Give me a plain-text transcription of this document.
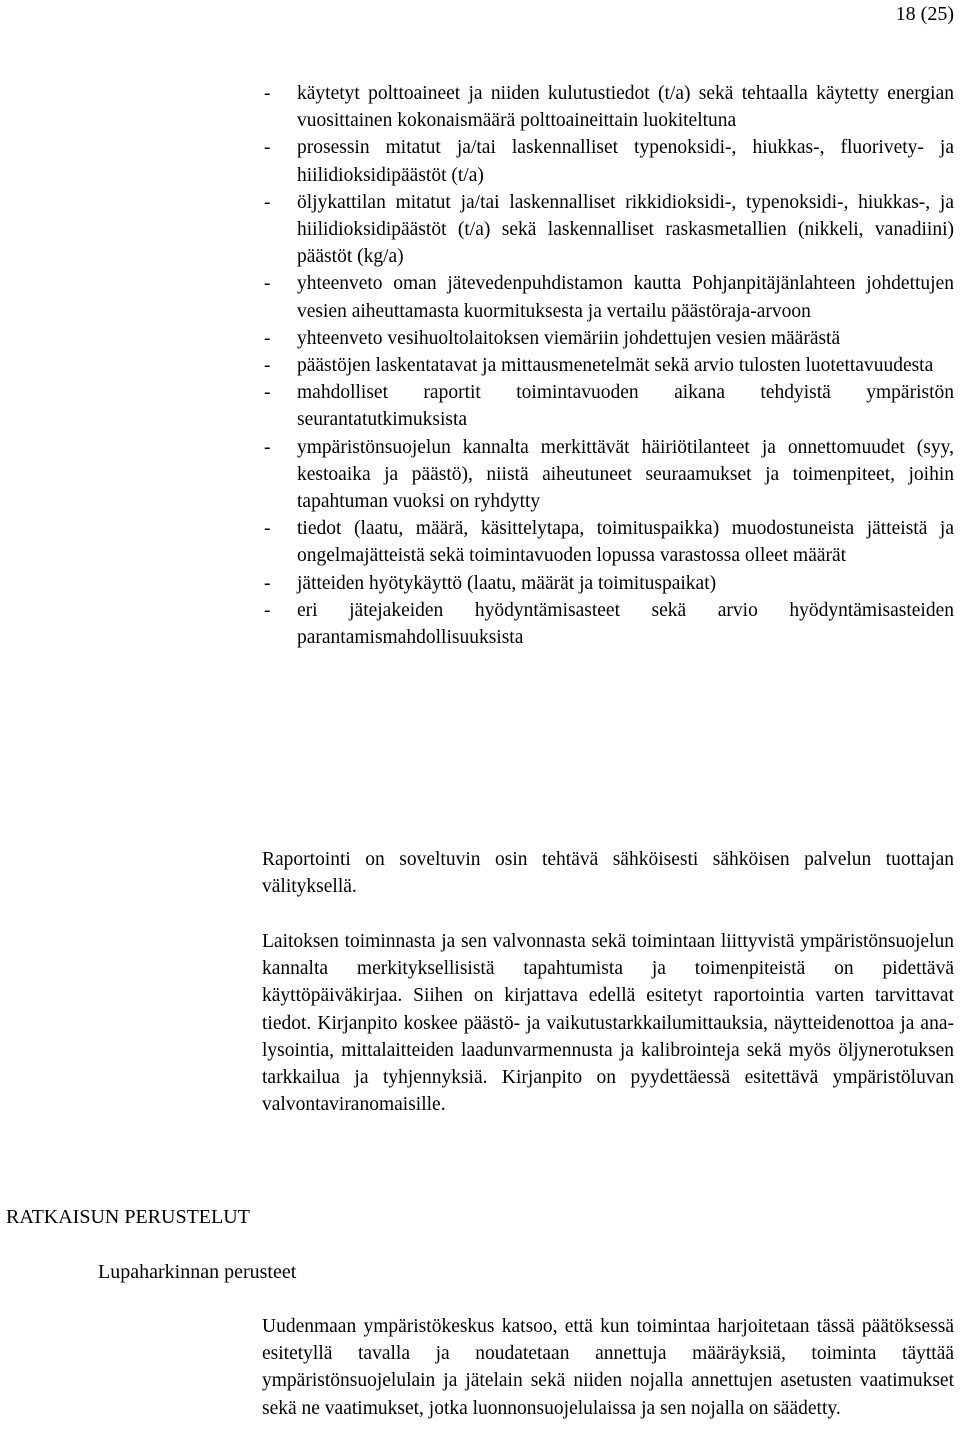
18 (25)
- käytetyt polttoaineet ja niiden kulutustiedot (t/a) sekä tehtaalla käytetty energian vuosittainen kokonaismäärä polttoaineittain luokiteltuna
- prosessin mitatut ja/tai laskennalliset typenoksidi-, hiukkas-, fluorivety- ja hiilidioksidipäästöt (t/a)
- öljykattilan mitatut ja/tai laskennalliset rikkidioksidi-, typenoksidi-, hiukkas-, ja hiilidioksidipäästöt (t/a) sekä laskennalliset raskasmetallien (nikkeli, vanadiini) päästöt (kg/a)
- yhteenveto oman jätevedenpuhdistamon kautta Pohjanpitäjänlahteen johdettujen vesien aiheuttamasta kuormituksesta ja vertailu päästöraja-arvoon
- yhteenveto vesihuoltolaitoksen viemäriin johdettujen vesien määrästä
- päästöjen laskentatavat ja mittausmenetelmät sekä arvio tulosten luotettavuudesta
- mahdolliset raportit toimintavuoden aikana tehdyistä ympäristön seurantatutkimuksista
- ympäristönsuojelun kannalta merkittävät häiriötilanteet ja onnettomuudet (syy, kestoaika ja päästö), niistä aiheutuneet seuraamukset ja toimenpiteet, joihin tapahtuman vuoksi on ryhdytty
- tiedot (laatu, määrä, käsittelytapa, toimituspaikka) muodostuneista jätteistä ja ongelmajätteistä sekä toimintavuoden lopussa varastossa olleet määrät
- jätteiden hyötykäyttö (laatu, määrät ja toimituspaikat)
- eri jätejakeiden hyödyntämisasteet sekä arvio hyödyntämisasteiden parantamismahdollisuuksista

Raportointi on soveltuvin osin tehtävä sähköisesti sähköisen palvelun tuottajan välityksellä.

Laitoksen toiminnasta ja sen valvonnasta sekä toimintaan liittyvistä ympäristönsuojelun kannalta merkityksellisistä tapahtumista ja toimenpiteistä on pidettävä käyttöpäiväkirjaa. Siihen on kirjattava edellä esitetyt raportointia varten tarvittavat tiedot. Kirjanpito koskee päästö- ja vaikutustarkkailumittauksia, näytteidenottoa ja analysointia, mittalaitteiden laadunvarmennusta ja kalibrointeja sekä myös öljynerotuksen tarkkailua ja tyhjennyksiä. Kirjanpito on pyydettäessä esitettävä ympäristöluvan valvontaviranomaisille.

RATKAISUN PERUSTELUT
Lupaharkinnan perusteet

Uudenmaan ympäristökeskus katsoo, että kun toimintaa harjoitetaan tässä päätöksessä esitetyllä tavalla ja noudatetaan annettuja määräyksiä, toiminta täyttää ympäristönsuojelulain ja jätelain sekä niiden nojalla annettujen asetusten vaatimukset sekä ne vaatimukset, jotka luonnonsuojelulaissa ja sen nojalla on säädetty.
